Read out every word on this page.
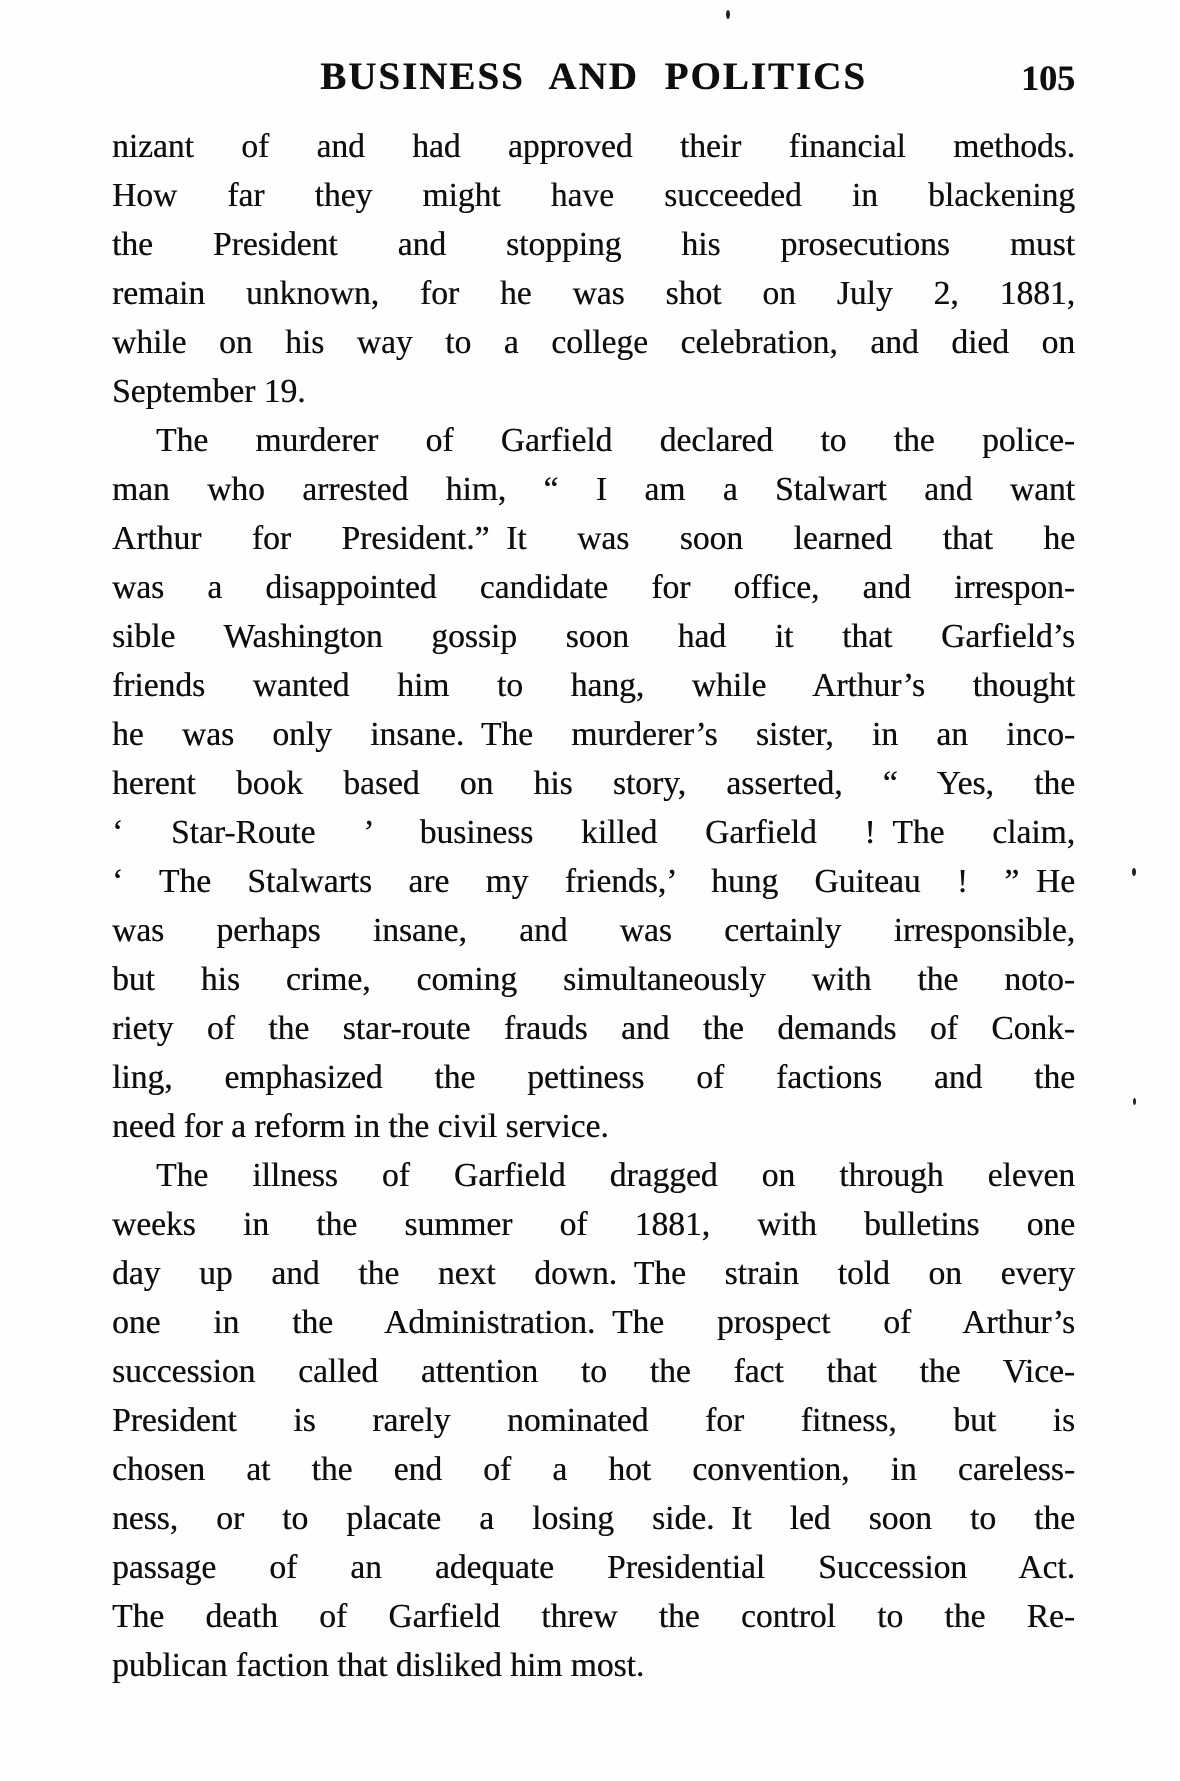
BUSINESS AND POLITICS	105
nizant of and had approved their financial methods.
How far they might have succeeded in blackening
the President and stopping his prosecutions must
remain unknown, for he was shot on July 2, 1881,
while on his way to a college celebration, and died on
September 19.
The murderer of Garfield declared to the police-
man who arrested him, “ I am a Stalwart and want
Arthur for President.” It was soon learned that he
was a disappointed candidate for office, and irrespon-
sible Washington gossip soon had it that Garfield’s
friends wanted him to hang, while Arthur’s thought
he was only insane. The murderer’s sister, in an inco-
herent book based on his story, asserted, “ Yes, the
‘ Star-Route ’ business killed Garfield ! The claim,
‘ The Stalwarts are my friends,’ hung Guiteau ! ” He
was perhaps insane, and was certainly irresponsible,
but his crime, coming simultaneously with the noto-
riety of the star-route frauds and the demands of Conk-
ling, emphasized the pettiness of factions and the
need for a reform in the civil service.
The illness of Garfield dragged on through eleven
weeks in the summer of 1881, with bulletins one
day up and the next down. The strain told on every
one in the Administration. The prospect of Arthur’s
succession called attention to the fact that the Vice-
President is rarely nominated for fitness, but is
chosen at the end of a hot convention, in careless-
ness, or to placate a losing side. It led soon to the
passage of an adequate Presidential Succession Act.
The death of Garfield threw the control to the Re-
publican faction that disliked him most.
